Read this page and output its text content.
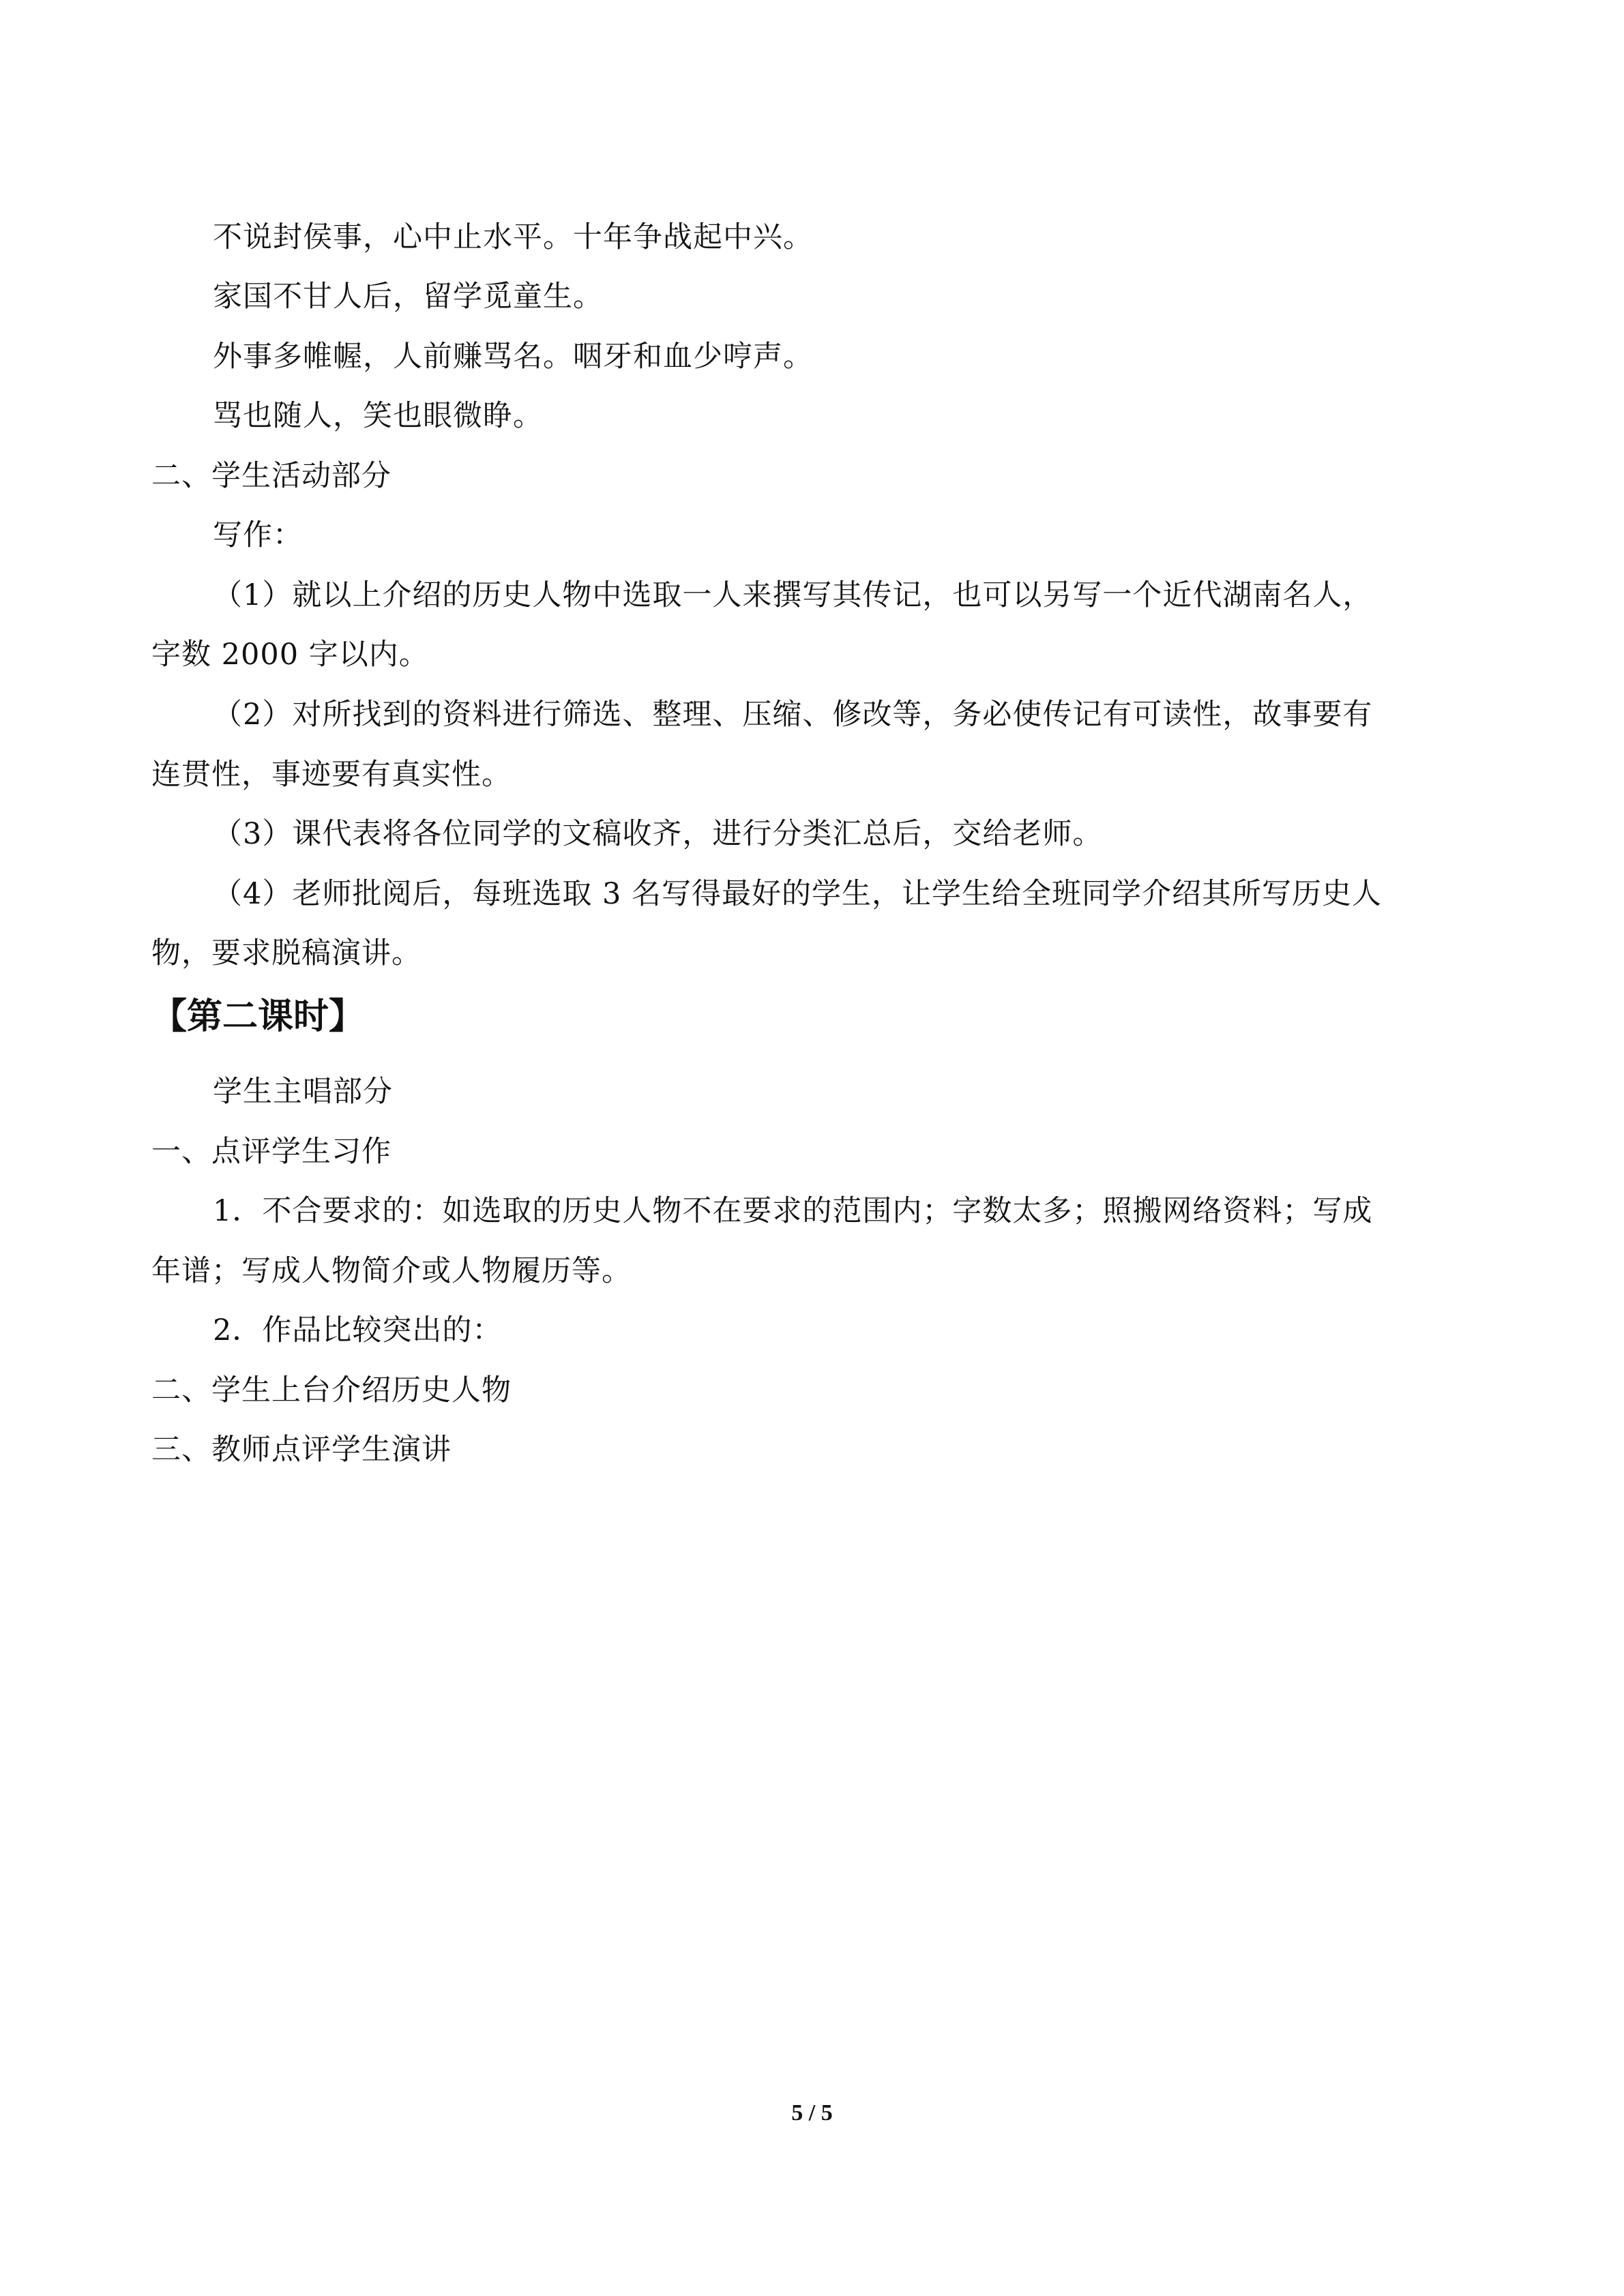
不说封侯事，心中止水平。十年争战起中兴。
家国不甘人后，留学觅童生。
外事多帷幄，人前赚骂名。咽牙和血少哼声。
骂也随人，笑也眼微睁。
二、学生活动部分
写作：
（1）就以上介绍的历史人物中选取一人来撰写其传记，也可以另写一个近代湖南名人，
字数 2000 字以内。
（2）对所找到的资料进行筛选、整理、压缩、修改等，务必使传记有可读性，故事要有
连贯性，事迹要有真实性。
（3）课代表将各位同学的文稿收齐，进行分类汇总后，交给老师。
（4）老师批阅后，每班选取 3 名写得最好的学生，让学生给全班同学介绍其所写历史人
物，要求脱稿演讲。
【第二课时】
学生主唱部分
一、点评学生习作
1．不合要求的：如选取的历史人物不在要求的范围内；字数太多；照搬网络资料；写成
年谱；写成人物简介或人物履历等。
2．作品比较突出的：
二、学生上台介绍历史人物
三、教师点评学生演讲
5 / 5
